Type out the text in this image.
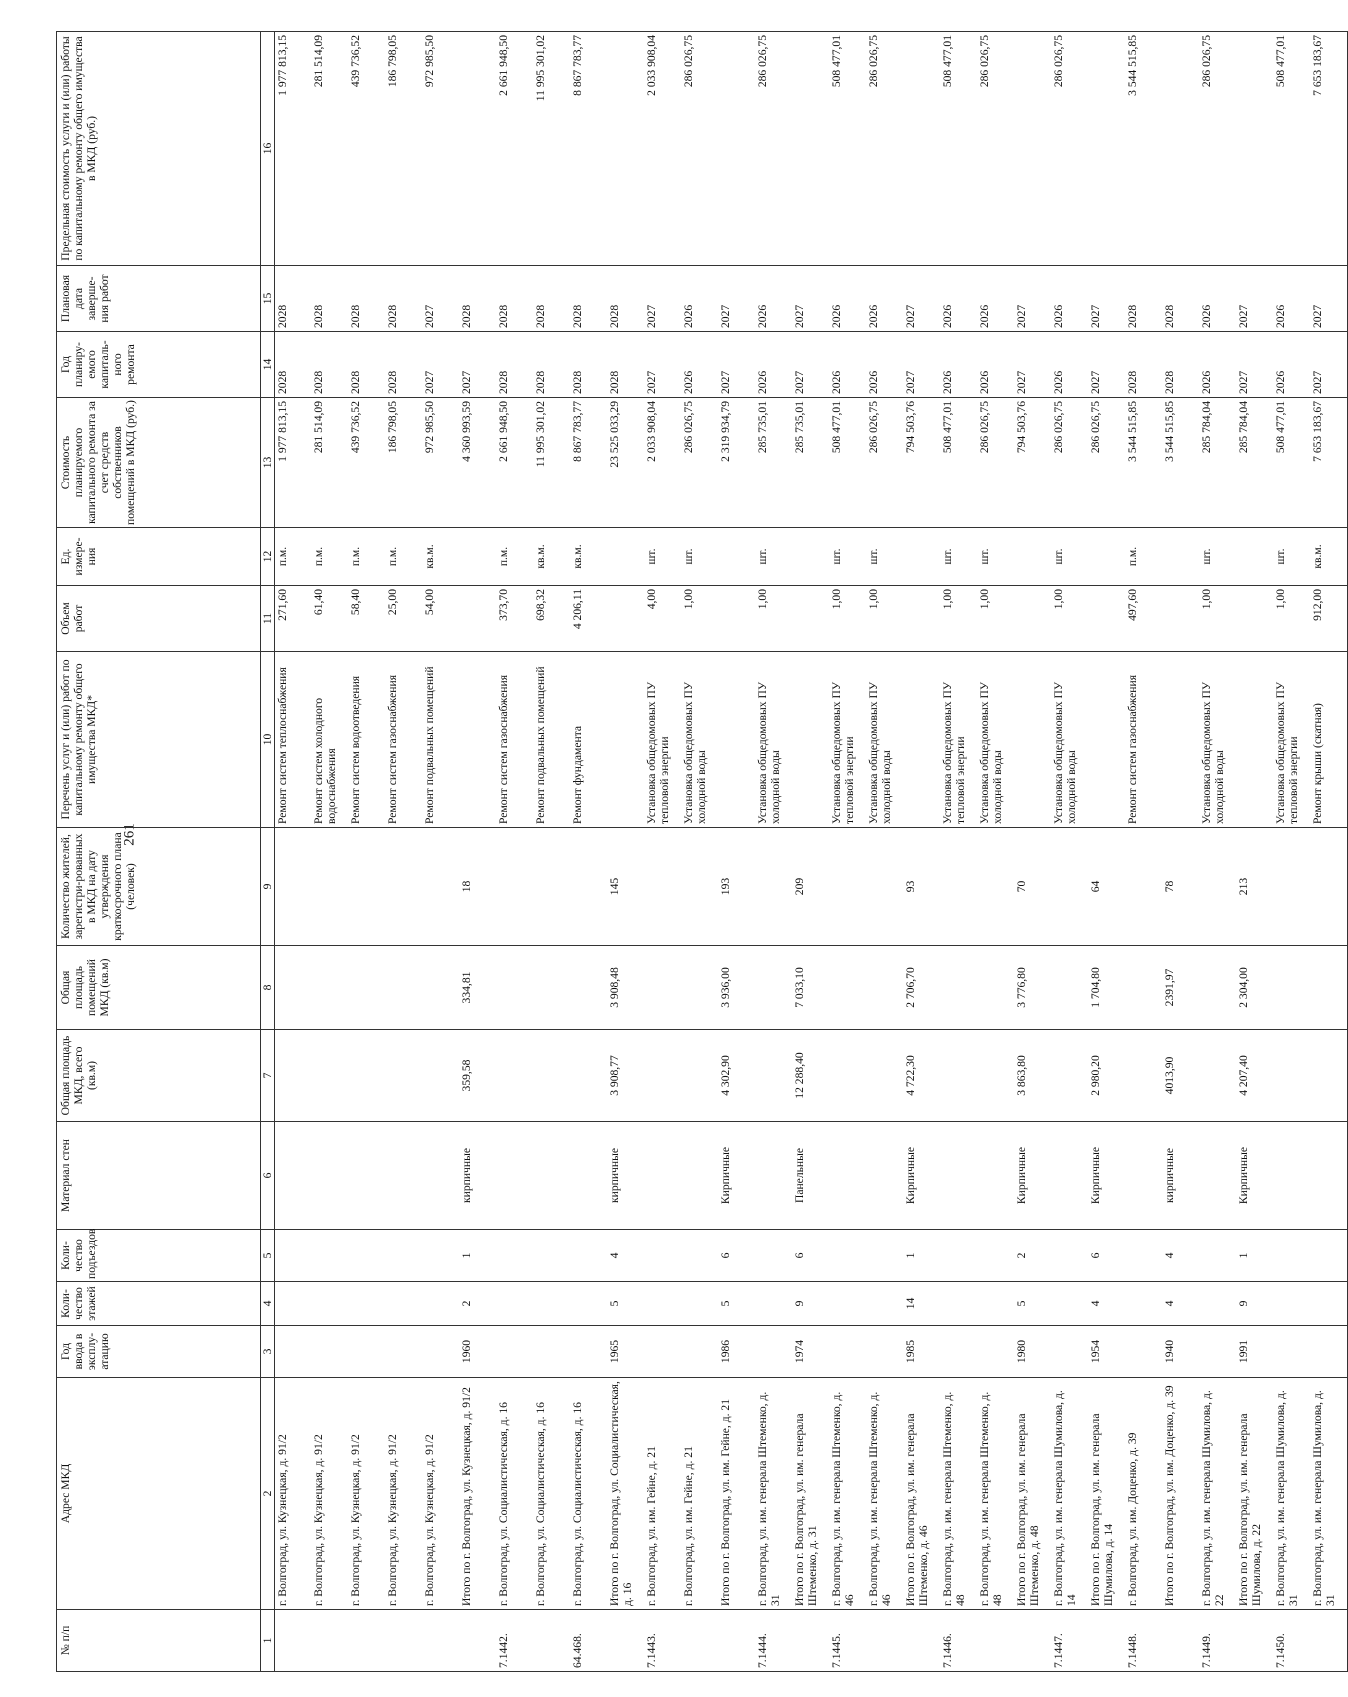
261
№ п/п	Адрес МКД	Год ввода в эксплу-атацию	Коли-чество этажей	Коли-чество подъездов	Материал стен	Общая площадь МКД, всего (кв.м)	Общая площадь помещений МКД (кв.м)	Количество жителей, зарегистри-рованных в МКД на дату утверждения краткосрочного плана (человек)	Перечень услуг и (или) работ по капитальному ремонту общего имущества МКД*	Объем работ	Ед. измере-ния	Стоимость планируемого капитального ремонта за счет средств собственников помещений в МКД (руб.)	Год планиру-емого капиталь-ного ремонта	Плановая дата заверше-ния работ	Предельная стоимость услуги и (или) работы по капитальному ремонту общего имущества в МКД (руб.)
1	2	3	4	5	6	7	8	9	10	11	12	13	14	15	16
	г. Волгоград, ул. Кузнецкая, д. 91/2								Ремонт систем теплоснабжения	271,60	п.м.	1 977 813,15	2028	2028	1 977 813,15
	г. Волгоград, ул. Кузнецкая, д. 91/2								Ремонт систем холодного водоснабжения	61,40	п.м.	281 514,09	2028	2028	281 514,09
	г. Волгоград, ул. Кузнецкая, д. 91/2								Ремонт систем водоотведения	58,40	п.м.	439 736,52	2028	2028	439 736,52
	г. Волгоград, ул. Кузнецкая, д. 91/2								Ремонт систем газоснабжения	25,00	п.м.	186 798,05	2028	2028	186 798,05
	г. Волгоград, ул. Кузнецкая, д. 91/2								Ремонт подвальных помещений	54,00	кв.м.	972 985,50	2027	2027	972 985,50
	Итого по г. Волгоград, ул. Кузнецкая, д. 91/2	1960	2	1	кирпичные	359,58	334,81	18				4 360 993,59	2027	2028	
7.1442.	г. Волгоград, ул. Социалистическая, д. 16								Ремонт систем газоснабжения	373,70	п.м.	2 661 948,50	2028	2028	2 661 948,50
	г. Волгоград, ул. Социалистическая, д. 16								Ремонт подвальных помещений	698,32	кв.м.	11 995 301,02	2028	2028	11 995 301,02
64.468.	г. Волгоград, ул. Социалистическая, д. 16								Ремонт фундамента	4 206,11	кв.м.	8 867 783,77	2028	2028	8 867 783,77
	Итого по г. Волгоград, ул. Социалистическая, д. 16	1965	5	4	кирпичные	3 908,77	3 908,48	145				23 525 033,29	2028	2028	
7.1443.	г. Волгоград, ул. им. Гейне, д. 21								Установка общедомовых ПУ тепловой энергии	4,00	шт.	2 033 908,04	2027	2027	2 033 908,04
	г. Волгоград, ул. им. Гейне, д. 21								Установка общедомовых ПУ холодной воды	1,00	шт.	286 026,75	2026	2026	286 026,75
	Итого по г. Волгоград, ул. им. Гейне, д. 21	1986	5	6	Кирпичные	4 302,90	3 936,00	193				2 319 934,79	2027	2027	
7.1444.	г. Волгоград, ул. им. генерала Штеменко, д. 31								Установка общедомовых ПУ холодной воды	1,00	шт.	285 735,01	2026	2026	286 026,75
	Итого по г. Волгоград, ул. им. генерала Штеменко, д. 31	1974	9	6	Панельные	12 288,40	7 033,10	209				285 735,01	2027	2027	
7.1445.	г. Волгоград, ул. им. генерала Штеменко, д. 46								Установка общедомовых ПУ тепловой энергии	1,00	шт.	508 477,01	2026	2026	508 477,01
	г. Волгоград, ул. им. генерала Штеменко, д. 46								Установка общедомовых ПУ холодной воды	1,00	шт.	286 026,75	2026	2026	286 026,75
	Итого по г. Волгоград, ул. им. генерала Штеменко, д. 46	1985	14	1	Кирпичные	4 722,30	2 706,70	93				794 503,76	2027	2027	
7.1446.	г. Волгоград, ул. им. генерала Штеменко, д. 48								Установка общедомовых ПУ тепловой энергии	1,00	шт.	508 477,01	2026	2026	508 477,01
	г. Волгоград, ул. им. генерала Штеменко, д. 48								Установка общедомовых ПУ холодной воды	1,00	шт.	286 026,75	2026	2026	286 026,75
	Итого по г. Волгоград, ул. им. генерала Штеменко, д. 48	1980	5	2	Кирпичные	3 863,80	3 776,80	70				794 503,76	2027	2027	
7.1447.	г. Волгоград, ул. им. генерала Шумилова, д. 14								Установка общедомовых ПУ холодной воды	1,00	шт.	286 026,75	2026	2026	286 026,75
	Итого по г. Волгоград, ул. им. генерала Шумилова, д. 14	1954	4	6	Кирпичные	2 980,20	1 704,80	64				286 026,75	2027	2027	
7.1448.	г. Волгоград, ул. им. Доценко, д. 39								Ремонт систем газоснабжения	497,60	п.м.	3 544 515,85	2028	2028	3 544 515,85
	Итого по г. Волгоград, ул. им. Доценко, д. 39	1940	4	4	кирпичные	4013,90	2391,97	78				3 544 515,85	2028	2028	
7.1449.	г. Волгоград, ул. им. генерала Шумилова, д. 22								Установка общедомовых ПУ холодной воды	1,00	шт.	285 784,04	2026	2026	286 026,75
	Итого по г. Волгоград, ул. им. генерала Шумилова, д. 22	1991	9	1	Кирпичные	4 207,40	2 304,00	213				285 784,04	2027	2027	
7.1450.	г. Волгоград, ул. им. генерала Шумилова, д. 31								Установка общедомовых ПУ тепловой энергии	1,00	шт.	508 477,01	2026	2026	508 477,01
	г. Волгоград, ул. им. генерала Шумилова, д. 31								Ремонт крыши (скатная)	912,00	кв.м.	7 653 183,67	2027	2027	7 653 183,67
